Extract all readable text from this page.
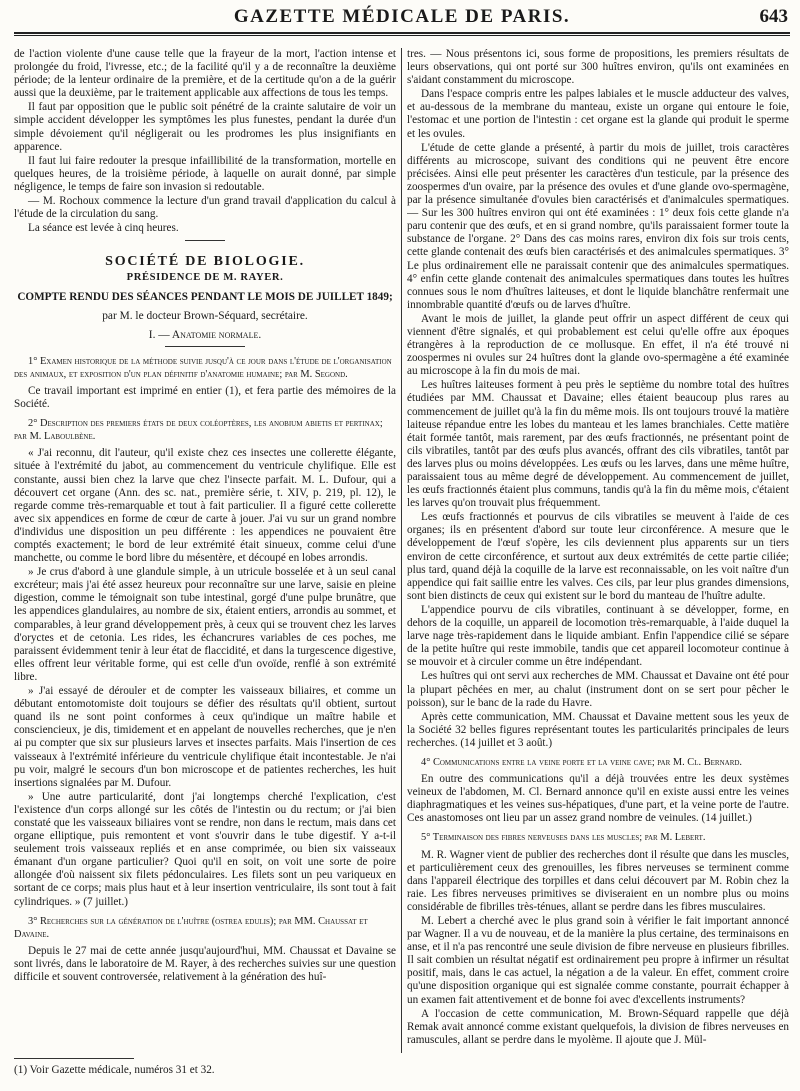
GAZETTE MÉDICALE DE PARIS.	643

de l'action violente d'une cause telle que la frayeur de la mort, l'action intense et prolongée du froid, l'ivresse, etc.; de la facilité qu'il y a de reconnaître la deuxième période; de la lenteur ordinaire de la première, et de la certitude qu'on a de la guérir aussi que la deuxième, par le traitement applicable aux affections de tous les temps.

Il faut par opposition que le public soit pénétré de la crainte salutaire de voir un simple accident développer les symptômes les plus funestes, pendant la durée d'un simple dévoiement qu'il négligerait ou les prodromes les plus insignifiants en apparence.

Il faut lui faire redouter la presque infaillibilité de la transformation, mortelle en quelques heures, de la troisième période, à laquelle on aurait donné, par simple négligence, le temps de faire son invasion si redoutable.

— M. Rochoux commence la lecture d'un grand travail d'application du calcul à l'étude de la circulation du sang.

La séance est levée à cinq heures.

SOCIÉTÉ DE BIOLOGIE.
PRÉSIDENCE DE M. RAYER.
COMPTE RENDU DES SÉANCES PENDANT LE MOIS DE JUILLET 1849;
par M. le docteur Brown-Séquard, secrétaire.
I. — Anatomie normale.

1° Examen historique de la méthode suivie jusqu'à ce jour dans l'étude de l'organisation des animaux, et exposition d'un plan définitif d'anatomie humaine; par M. Segond.

Ce travail important est imprimé en entier (1), et fera partie des mémoires de la Société.

2° Description des premiers états de deux coléoptères, les anobium abietis et pertinax; par M. Laboulbène.

« J'ai reconnu, dit l'auteur, qu'il existe chez ces insectes une collerette élégante, située à l'extrémité du jabot, au commencement du ventricule chylifique. Elle est constante, aussi bien chez la larve que chez l'insecte parfait. M. L. Dufour, qui a découvert cet organe (Ann. des sc. nat., première série, t. XIV, p. 219, pl. 12), le regarde comme très-remarquable et tout à fait particulier. Il a figuré cette collerette avec six appendices en forme de cœur de carte à jouer. J'ai vu sur un grand nombre d'individus une disposition un peu différente : les appendices ne pouvaient être comptés exactement; le bord de leur extrémité était sinueux, comme celui d'une manchette, ou comme le bord libre du mésentère, et découpé en lobes arrondis.

» Je crus d'abord à une glandule simple, à un utricule bosselée et à un seul canal excréteur; mais j'ai été assez heureux pour reconnaître sur une larve, saisie en pleine digestion, comme le témoignait son tube intestinal, gorgé d'une pulpe brunâtre, que les appendices glandulaires, au nombre de six, étaient entiers, arrondis au sommet, et comparables, à leur grand développement près, à ceux qui se trouvent chez les larves d'oryctes et de cetonia. Les rides, les échancrures variables de ces poches, me paraissent évidemment tenir à leur état de flaccidité, et dans la turgescence digestive, elles offrent leur véritable forme, qui est celle d'un ovoïde, renflé à son extrémité libre.

» J'ai essayé de dérouler et de compter les vaisseaux biliaires, et comme un débutant entomotomiste doit toujours se défier des résultats qu'il obtient, surtout quand ils ne sont point conformes à ceux qu'indique un maître habile et consciencieux, je dis, timidement et en appelant de nouvelles recherches, que je n'en ai pu compter que six sur plusieurs larves et insectes parfaits. Mais l'insertion de ces vaisseaux à l'extrémité inférieure du ventricule chylifique était incontestable. Je n'ai pu voir, malgré le secours d'un bon microscope et de patientes recherches, les huit insertions signalées par M. Dufour.

» Une autre particularité, dont j'ai longtemps cherché l'explication, c'est l'existence d'un corps allongé sur les côtés de l'intestin ou du rectum; or j'ai bien constaté que les vaisseaux biliaires vont se rendre, non dans le rectum, mais dans cet organe elliptique, puis remontent et vont s'ouvrir dans le tube digestif. Y a-t-il seulement trois vaisseaux repliés et en anse comprimée, ou bien six vaisseaux émanant d'un organe particulier? Quoi qu'il en soit, on voit une sorte de poire allongée d'où naissent six filets pédonculaires. Les filets sont un peu variqueux en sortant de ce corps; mais plus haut et à leur insertion ventriculaire, ils sont tout à fait cylindriques. » (7 juillet.)

3° Recherches sur la génération de l'huître (ostrea edulis); par MM. Chaussat et Davaine.

Depuis le 27 mai de cette année jusqu'aujourd'hui, MM. Chaussat et Davaine se sont livrés, dans le laboratoire de M. Rayer, à des recherches suivies sur une question difficile et souvent controversée, relativement à la génération des huî-

(1) Voir Gazette médicale, numéros 31 et 32.

tres. — Nous présentons ici, sous forme de propositions, les premiers résultats de leurs observations, qui ont porté sur 300 huîtres environ, qu'ils ont examinées en s'aidant constamment du microscope.

Dans l'espace compris entre les palpes labiales et le muscle adducteur des valves, et au-dessous de la membrane du manteau, existe un organe qui entoure le foie, l'estomac et une portion de l'intestin : cet organe est la glande qui produit le sperme et les ovules.

L'étude de cette glande a présenté, à partir du mois de juillet, trois caractères différents au microscope, suivant des conditions qui ne peuvent être encore précisées. Ainsi elle peut présenter les caractères d'un testicule, par la présence des zoospermes d'un ovaire, par la présence des ovules et d'une glande ovo-spermagène, par la présence simultanée d'ovules bien caractérisés et d'animalcules spermatiques. — Sur les 300 huîtres environ qui ont été examinées : 1° deux fois cette glande n'a paru contenir que des œufs, et en si grand nombre, qu'ils paraissaient former toute la substance de l'organe. 2° Dans des cas moins rares, environ dix fois sur trois cents, cette glande contenait des œufs bien caractérisés et des animalcules spermatiques. 3° Le plus ordinairement elle ne paraissait contenir que des animalcules spermatiques. 4° enfin cette glande contenait des animalcules spermatiques dans toutes les huîtres connues sous le nom d'huîtres laiteuses, et dont le liquide blanchâtre renfermait une innombrable quantité d'œufs ou de larves d'huître.

Avant le mois de juillet, la glande peut offrir un aspect différent de ceux qui viennent d'être signalés, et qui probablement est celui qu'elle offre aux époques étrangères à la reproduction de ce mollusque. En effet, il n'a été trouvé ni zoospermes ni ovules sur 24 huîtres dont la glande ovo-spermagène a été examinée au microscope à la fin du mois de mai.

Les huîtres laiteuses forment à peu près le septième du nombre total des huîtres étudiées par MM. Chaussat et Davaine; elles étaient beaucoup plus rares au commencement de juillet qu'à la fin du même mois. Ils ont toujours trouvé la matière laiteuse répandue entre les lobes du manteau et les lames branchiales. Cette matière était formée tantôt, mais rarement, par des œufs fractionnés, ne présentant point de cils vibratiles, tantôt par des œufs plus avancés, offrant des cils vibratiles, tantôt par des larves plus ou moins développées. Les œufs ou les larves, dans une même huître, paraissaient tous au même degré de développement. Au commencement de juillet, les œufs fractionnés étaient plus communs, tandis qu'à la fin du même mois, c'étaient les larves qu'on trouvait plus fréquemment.

Les œufs fractionnés et pourvus de cils vibratiles se meuvent à l'aide de ces organes; ils en présentent d'abord sur toute leur circonférence. A mesure que le développement de l'œuf s'opère, les cils deviennent plus apparents sur un tiers environ de cette circonférence, et surtout aux deux extrémités de cette partie ciliée; plus tard, quand déjà la coquille de la larve est reconnaissable, on les voit naître d'un appendice qui fait saillie entre les valves. Ces cils, par leur plus grandes dimensions, sont bien distincts de ceux qui existent sur le bord du manteau de l'huître adulte.

L'appendice pourvu de cils vibratiles, continuant à se développer, forme, en dehors de la coquille, un appareil de locomotion très-remarquable, à l'aide duquel la larve nage très-rapidement dans le liquide ambiant. Enfin l'appendice cilié se sépare de la petite huître qui reste immobile, tandis que cet appareil locomoteur continue à se mouvoir et à circuler comme un être indépendant.

Les huîtres qui ont servi aux recherches de MM. Chaussat et Davaine ont été pour la plupart pêchées en mer, au chalut (instrument dont on se sert pour pêcher le poisson), sur le banc de la rade du Havre.

Après cette communication, MM. Chaussat et Davaine mettent sous les yeux de la Société 32 belles figures représentant toutes les particularités principales de leurs recherches. (14 juillet et 3 août.)

4° Communications entre la veine porte et la veine cave; par M. Cl. Bernard.

En outre des communications qu'il a déjà trouvées entre les deux systèmes veineux de l'abdomen, M. Cl. Bernard annonce qu'il en existe aussi entre les veines diaphragmatiques et les veines sus-hépatiques, d'une part, et la veine porte de l'autre. Ces anastomoses ont lieu par un assez grand nombre de veinules. (14 juillet.)

5° Terminaison des fibres nerveuses dans les muscles; par M. Lebert.

M. R. Wagner vient de publier des recherches dont il résulte que dans les muscles, et particulièrement ceux des grenouilles, les fibres nerveuses se terminent comme dans l'appareil électrique des torpilles et dans celui découvert par M. Robin chez la raie. Les fibres nerveuses primitives se diviseraient en un nombre plus ou moins considérable de fibrilles très-ténues, allant se perdre dans les fibres musculaires.

M. Lebert a cherché avec le plus grand soin à vérifier le fait important annoncé par Wagner. Il a vu de nouveau, et de la manière la plus certaine, des terminaisons en anse, et il n'a pas rencontré une seule division de fibre nerveuse en plusieurs fibrilles. Il sait combien un résultat négatif est ordinairement peu propre à infirmer un résultat positif, mais, dans le cas actuel, la négation a de la valeur. En effet, comment croire qu'une disposition organique qui est signalée comme constante, pourrait échapper à un examen fait attentivement et de bonne foi avec d'excellents instruments?

A l'occasion de cette communication, M. Brown-Séquard rappelle que déjà Remak avait annoncé comme existant quelquefois, la division de fibres nerveuses en ramuscules, allant se perdre dans le myolème. Il ajoute que J. Mül-
